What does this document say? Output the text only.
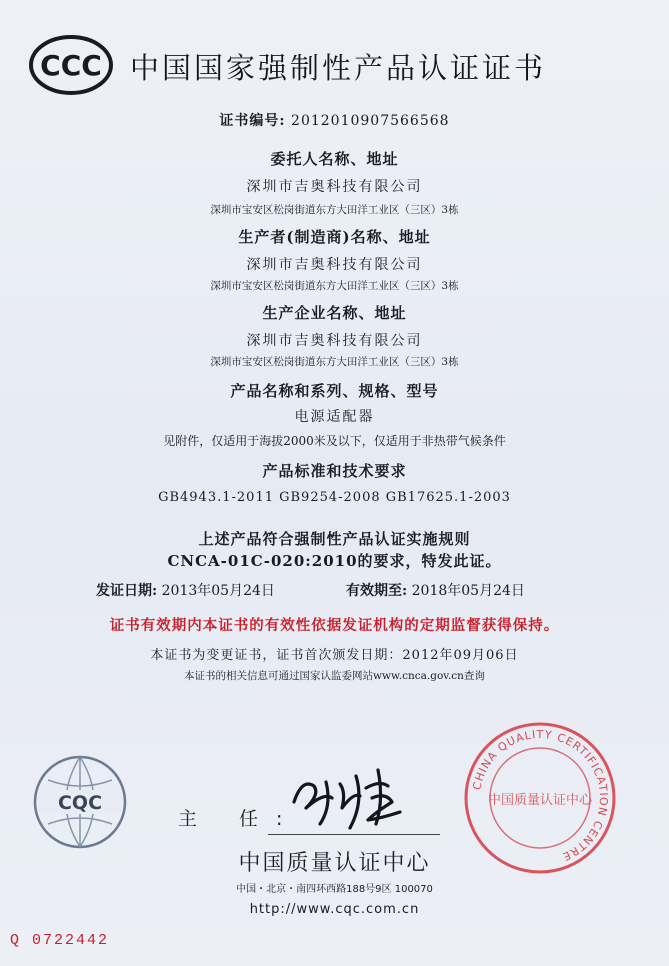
CCC 中国国家强制性产品认证证书
证书编号: 2012010907566568
委托人名称、地址
深圳市吉奥科技有限公司
深圳市宝安区松岗街道东方大田洋工业区（三区）3栋
生产者(制造商)名称、地址
深圳市吉奥科技有限公司
深圳市宝安区松岗街道东方大田洋工业区（三区）3栋
生产企业名称、地址
深圳市吉奥科技有限公司
深圳市宝安区松岗街道东方大田洋工业区（三区）3栋
产品名称和系列、规格、型号
电源适配器
见附件，仅适用于海拔2000米及以下，仅适用于非热带气候条件
产品标准和技术要求
GB4943.1-2011 GB9254-2008 GB17625.1-2003
上述产品符合强制性产品认证实施规则
CNCA-01C-020:2010的要求，特发此证。
发证日期: 2013年05月24日	有效期至: 2018年05月24日
证书有效期内本证书的有效性依据发证机构的定期监督获得保持。
本证书为变更证书，证书首次颁发日期：2012年09月06日
本证书的相关信息可通过国家认监委网站www.cnca.gov.cn查询
CQC
主 任:
CHINA QUALITY CERTIFICATION CENTRE
中国质量认证中心
中国质量认证中心
中国・北京・南四环西路188号9区 100070
http://www.cqc.com.cn
Q 0722442
